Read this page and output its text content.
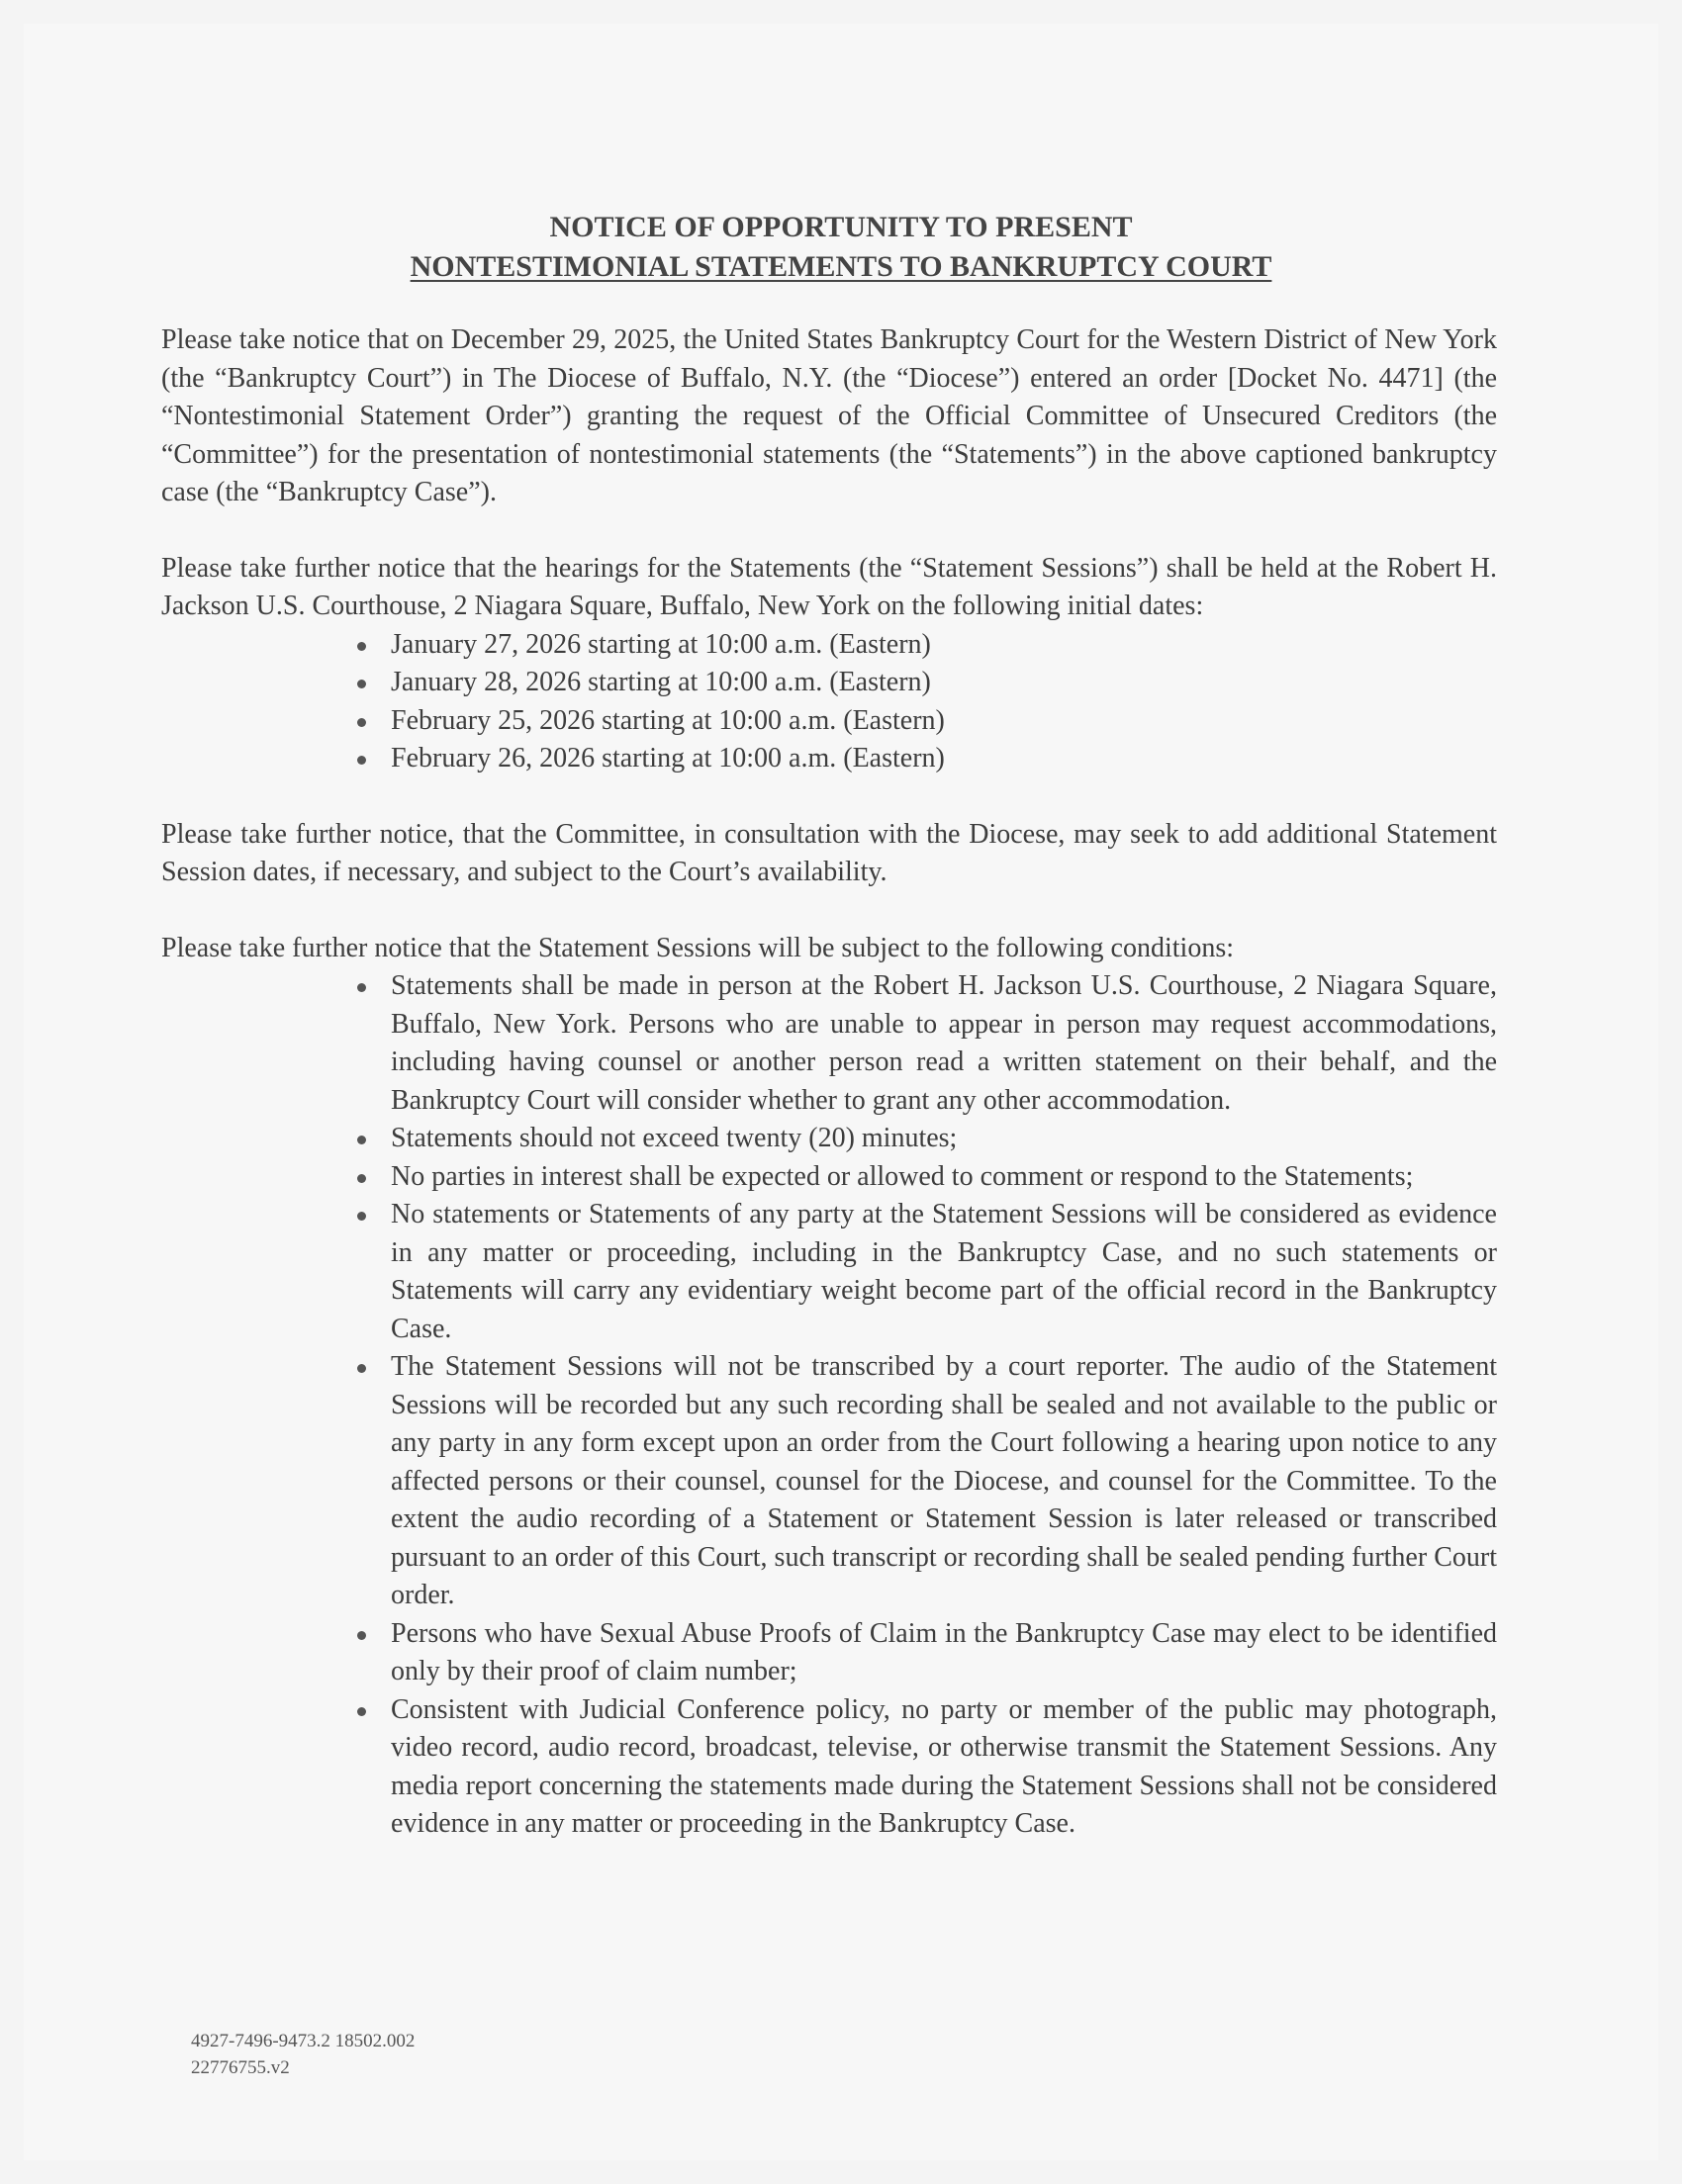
NOTICE OF OPPORTUNITY TO PRESENT
NONTESTIMONIAL STATEMENTS TO BANKRUPTCY COURT

Please take notice that on December 29, 2025, the United States Bankruptcy Court for the Western District of New York (the “Bankruptcy Court”) in The Diocese of Buffalo, N.Y. (the “Diocese”) entered an order [Docket No. 4471] (the “Nontestimonial Statement Order”) granting the request of the Official Committee of Unsecured Creditors (the “Committee”) for the presentation of nontestimonial statements (the “Statements”) in the above captioned bankruptcy case (the “Bankruptcy Case”).

Please take further notice that the hearings for the Statements (the “Statement Sessions”) shall be held at the Robert H. Jackson U.S. Courthouse, 2 Niagara Square, Buffalo, New York on the following initial dates:

January 27, 2026 starting at 10:00 a.m. (Eastern)
January 28, 2026 starting at 10:00 a.m. (Eastern)
February 25, 2026 starting at 10:00 a.m. (Eastern)
February 26, 2026 starting at 10:00 a.m. (Eastern)

Please take further notice, that the Committee, in consultation with the Diocese, may seek to add additional Statement Session dates, if necessary, and subject to the Court’s availability.

Please take further notice that the Statement Sessions will be subject to the following conditions:

Statements shall be made in person at the Robert H. Jackson U.S. Courthouse, 2 Niagara Square, Buffalo, New York. Persons who are unable to appear in person may request accommodations, including having counsel or another person read a written statement on their behalf, and the Bankruptcy Court will consider whether to grant any other accommodation.
Statements should not exceed twenty (20) minutes;
No parties in interest shall be expected or allowed to comment or respond to the Statements;
No statements or Statements of any party at the Statement Sessions will be considered as evidence in any matter or proceeding, including in the Bankruptcy Case, and no such statements or Statements will carry any evidentiary weight become part of the official record in the Bankruptcy Case.
The Statement Sessions will not be transcribed by a court reporter. The audio of the Statement Sessions will be recorded but any such recording shall be sealed and not available to the public or any party in any form except upon an order from the Court following a hearing upon notice to any affected persons or their counsel, counsel for the Diocese, and counsel for the Committee. To the extent the audio recording of a Statement or Statement Session is later released or transcribed pursuant to an order of this Court, such transcript or recording shall be sealed pending further Court order.
Persons who have Sexual Abuse Proofs of Claim in the Bankruptcy Case may elect to be identified only by their proof of claim number;
Consistent with Judicial Conference policy, no party or member of the public may photograph, video record, audio record, broadcast, televise, or otherwise transmit the Statement Sessions. Any media report concerning the statements made during the Statement Sessions shall not be considered evidence in any matter or proceeding in the Bankruptcy Case.
4927-7496-9473.2 18502.002
22776755.v2
